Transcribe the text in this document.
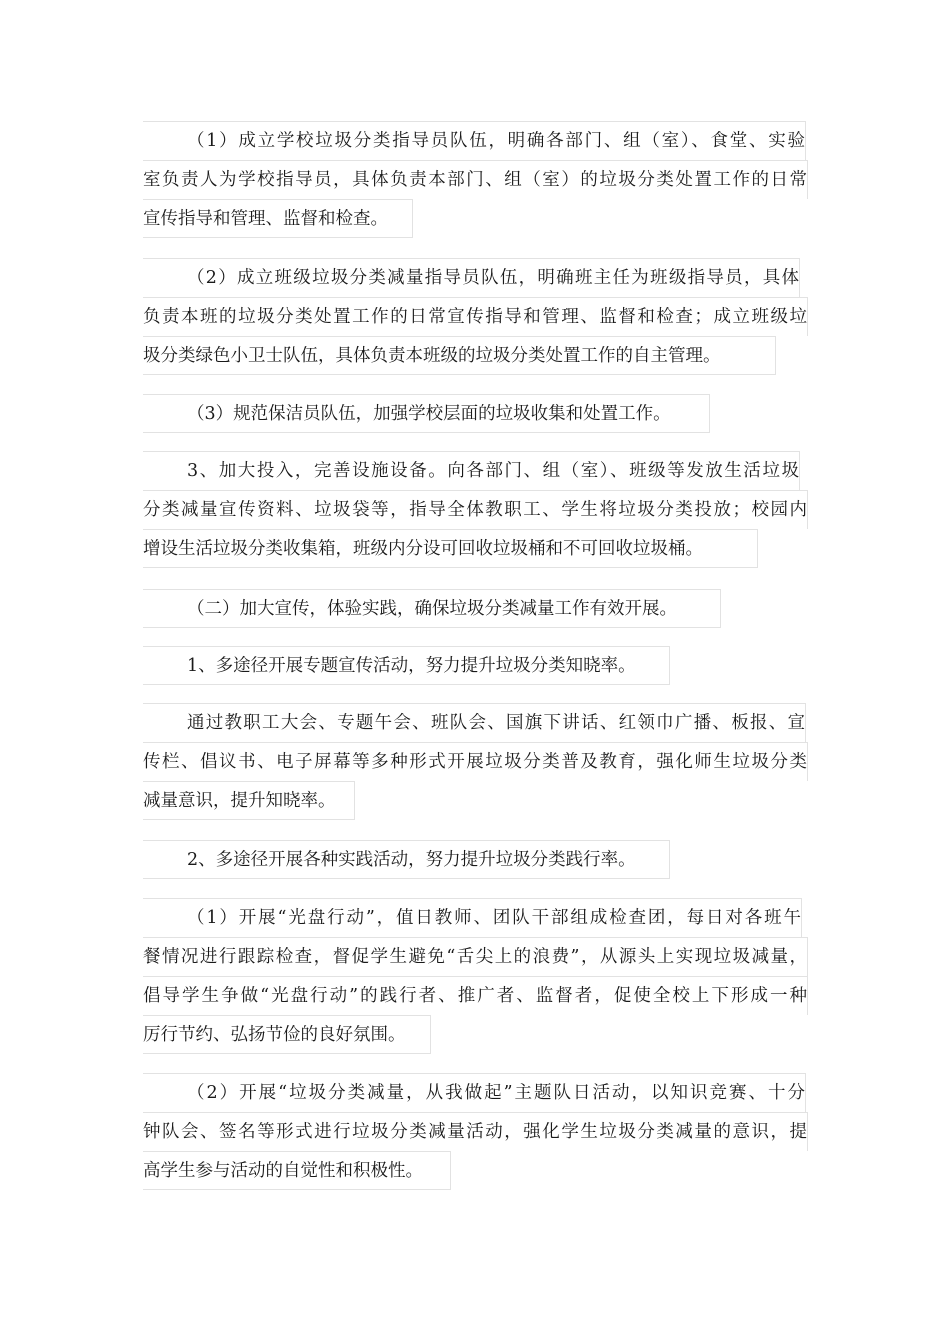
（1）成立学校垃圾分类指导员队伍，明确各部门、组（室）、食堂、实验
室负责人为学校指导员，具体负责本部门、组（室）的垃圾分类处置工作的日常
宣传指导和管理、监督和检查。
（2）成立班级垃圾分类减量指导员队伍，明确班主任为班级指导员，具体
负责本班的垃圾分类处置工作的日常宣传指导和管理、监督和检查；成立班级垃
圾分类绿色小卫士队伍，具体负责本班级的垃圾分类处置工作的自主管理。
（3）规范保洁员队伍，加强学校层面的垃圾收集和处置工作。
3、加大投入，完善设施设备。向各部门、组（室）、班级等发放生活垃圾
分类减量宣传资料、垃圾袋等，指导全体教职工、学生将垃圾分类投放；校园内
增设生活垃圾分类收集箱，班级内分设可回收垃圾桶和不可回收垃圾桶。
（二）加大宣传，体验实践，确保垃圾分类减量工作有效开展。
1、多途径开展专题宣传活动，努力提升垃圾分类知晓率。
通过教职工大会、专题午会、班队会、国旗下讲话、红领巾广播、板报、宣
传栏、倡议书、电子屏幕等多种形式开展垃圾分类普及教育，强化师生垃圾分类
减量意识，提升知晓率。
2、多途径开展各种实践活动，努力提升垃圾分类践行率。
（1）开展“光盘行动”，值日教师、团队干部组成检查团，每日对各班午
餐情况进行跟踪检查，督促学生避免“舌尖上的浪费”，从源头上实现垃圾减量，
倡导学生争做“光盘行动”的践行者、推广者、监督者，促使全校上下形成一种
厉行节约、弘扬节俭的良好氛围。
（2）开展“垃圾分类减量，从我做起”主题队日活动，以知识竞赛、十分
钟队会、签名等形式进行垃圾分类减量活动，强化学生垃圾分类减量的意识，提
高学生参与活动的自觉性和积极性。
